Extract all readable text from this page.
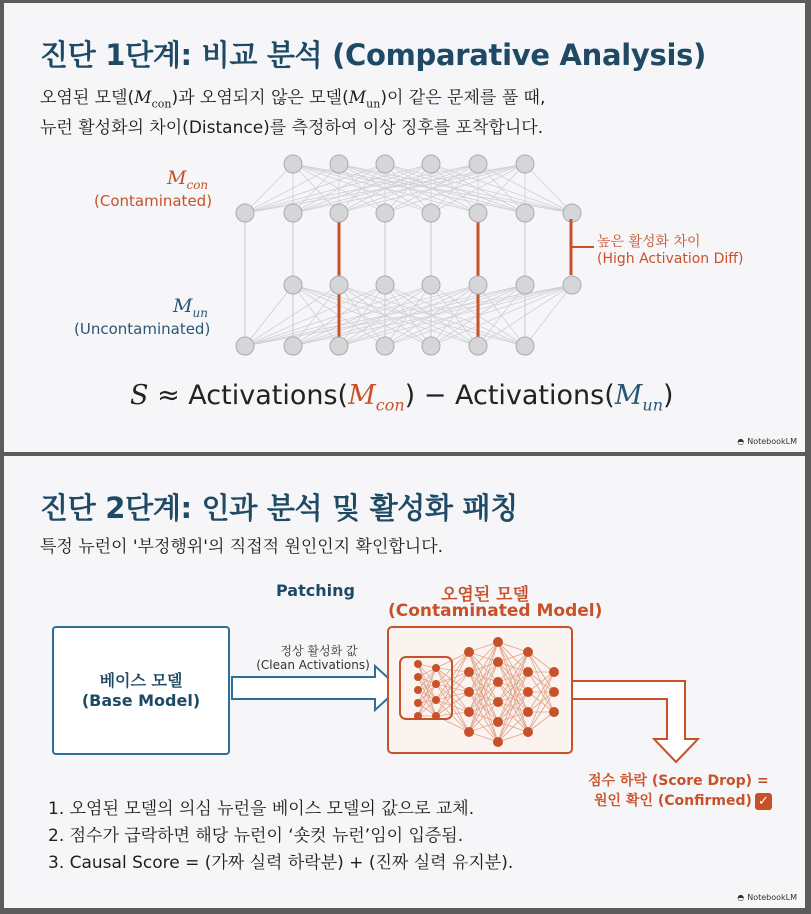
진단 1단계: 비교 분석 (Comparative Analysis)
오염된 모델$(M_{con})$과 오염되지 않은 모델$(M_{un})$이 같은 문제를 풀 때,
뉴런 활성화의 차이(Distance)를 측정하여 이상 징후를 포착합니다.
$M_{con}$
(Contaminated)
$M_{un}$
(Uncontaminated)
높은 활성화 차이
(High Activation Diff)
$S \approx Activations(M_{con})$ − $Activations(M_{un})$
◓ NotebookLM
진단 2단계: 인과 분석 및 활성화 패칭
특정 뉴런이 '부정행위'의 직접적 원인인지 확인합니다.
Patching	오염된 모델
(Contaminated Model)
정상 활성화 값
(Clean Activations)
베이스 모델
(Base Model)
점수 하락 (Score Drop) =
원인 확인 (Confirmed) ✓
1. 오염된 모델의 의심 뉴런을 베이스 모델의 값으로 교체.
2. 점수가 급락하면 해당 뉴런이 ‘숏컷 뉴런’임이 입증됨.
3. Causal Score = (가짜 실력 하락분) + (진짜 실력 유지분).
◓ NotebookLM
